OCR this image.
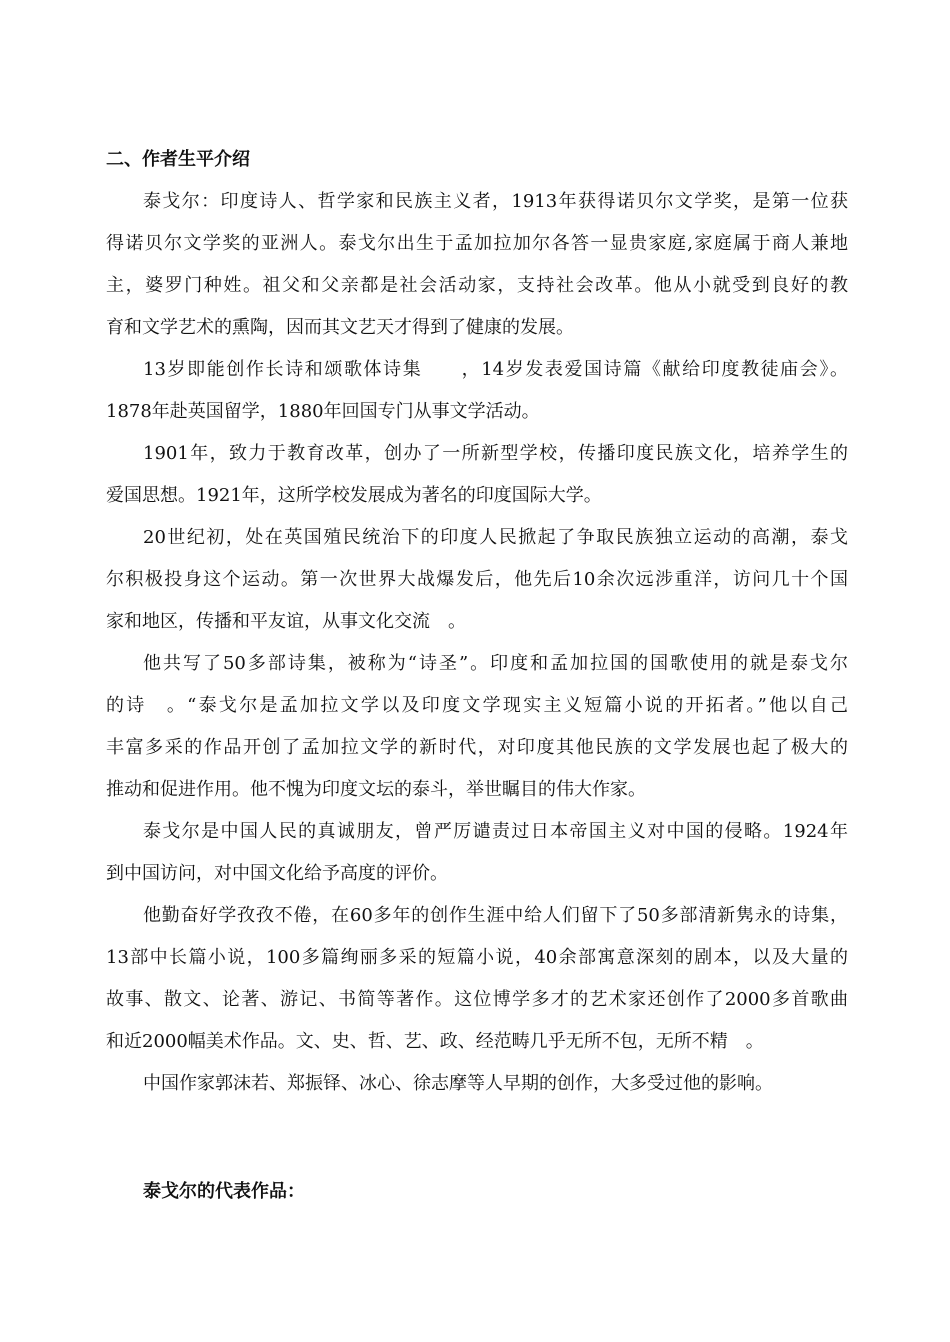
二、作者生平介绍
泰戈尔：印度诗人、哲学家和民族主义者，1913年获得诺贝尔文学奖，是第一位获
得诺贝尔文学奖的亚洲人。泰戈尔出生于孟加拉加尔各答一显贵家庭,家庭属于商人兼地
主，婆罗门种姓。祖父和父亲都是社会活动家，支持社会改革。他从小就受到良好的教
育和文学艺术的熏陶，因而其文艺天才得到了健康的发展。
13岁即能创作长诗和颂歌体诗集　　，14岁发表爱国诗篇《献给印度教徒庙会》。
1878年赴英国留学，1880年回国专门从事文学活动。
1901年，致力于教育改革，创办了一所新型学校，传播印度民族文化，培养学生的
爱国思想。1921年，这所学校发展成为著名的印度国际大学。
20世纪初，处在英国殖民统治下的印度人民掀起了争取民族独立运动的高潮，泰戈
尔积极投身这个运动。第一次世界大战爆发后，他先后10余次远涉重洋，访问几十个国
家和地区，传播和平友谊，从事文化交流　。
他共写了50多部诗集，被称为“诗圣”。印度和孟加拉国的国歌使用的就是泰戈尔
的诗　。“泰戈尔是孟加拉文学以及印度文学现实主义短篇小说的开拓者。”他以自己
丰富多采的作品开创了孟加拉文学的新时代，对印度其他民族的文学发展也起了极大的
推动和促进作用。他不愧为印度文坛的泰斗，举世瞩目的伟大作家。
泰戈尔是中国人民的真诚朋友，曾严厉谴责过日本帝国主义对中国的侵略。1924年
到中国访问，对中国文化给予高度的评价。
他勤奋好学孜孜不倦，在60多年的创作生涯中给人们留下了50多部清新隽永的诗集，
13部中长篇小说，100多篇绚丽多采的短篇小说，40余部寓意深刻的剧本，以及大量的
故事、散文、论著、游记、书简等著作。这位博学多才的艺术家还创作了2000多首歌曲
和近2000幅美术作品。文、史、哲、艺、政、经范畴几乎无所不包，无所不精　。
中国作家郭沫若、郑振铎、冰心、徐志摩等人早期的创作，大多受过他的影响。
泰戈尔的代表作品：
